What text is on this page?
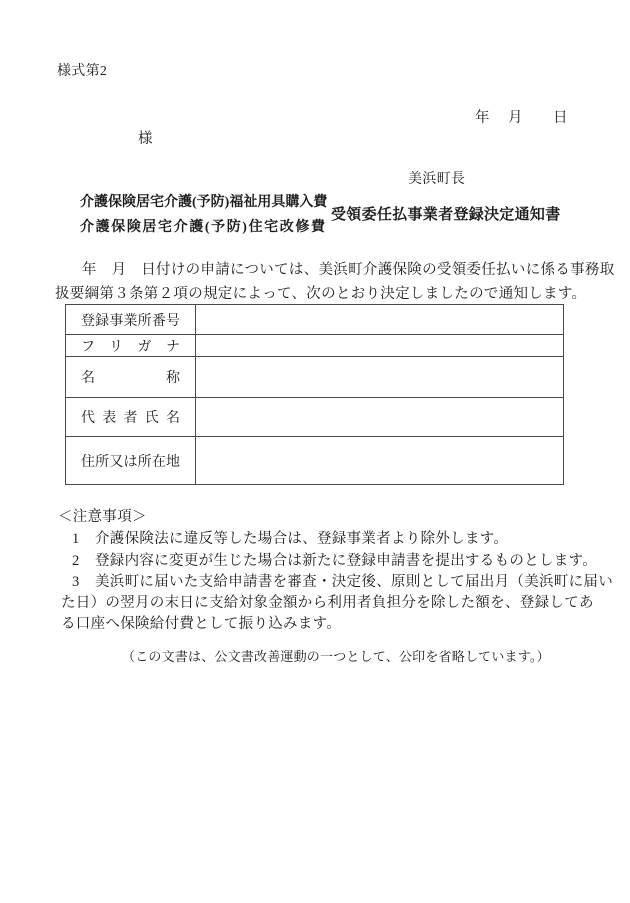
様式第2
年 月 日
様
美浜町長
介護保険居宅介護(予防)福祉用具購入費
介護保険居宅介護(予防)住宅改修費
受領委任払事業者登録決定通知書
年　月　日付けの申請については、美浜町介護保険の受領委任払いに係る事務取
扱要綱第３条第２項の規定によって、次のとおり決定しましたので通知します。
登録事業所番号	
フリガナ	
名称	
代表者氏名	
住所又は所在地	
＜注意事項＞
1 介護保険法に違反等した場合は、登録事業者より除外します。
2 登録内容に変更が生じた場合は新たに登録申請書を提出するものとします。
3 美浜町に届いた支給申請書を審査・決定後、原則として届出月（美浜町に届い
た日）の翌月の末日に支給対象金額から利用者負担分を除した額を、登録してあ
る口座へ保険給付費として振り込みます。
（この文書は、公文書改善運動の一つとして、公印を省略しています。）
